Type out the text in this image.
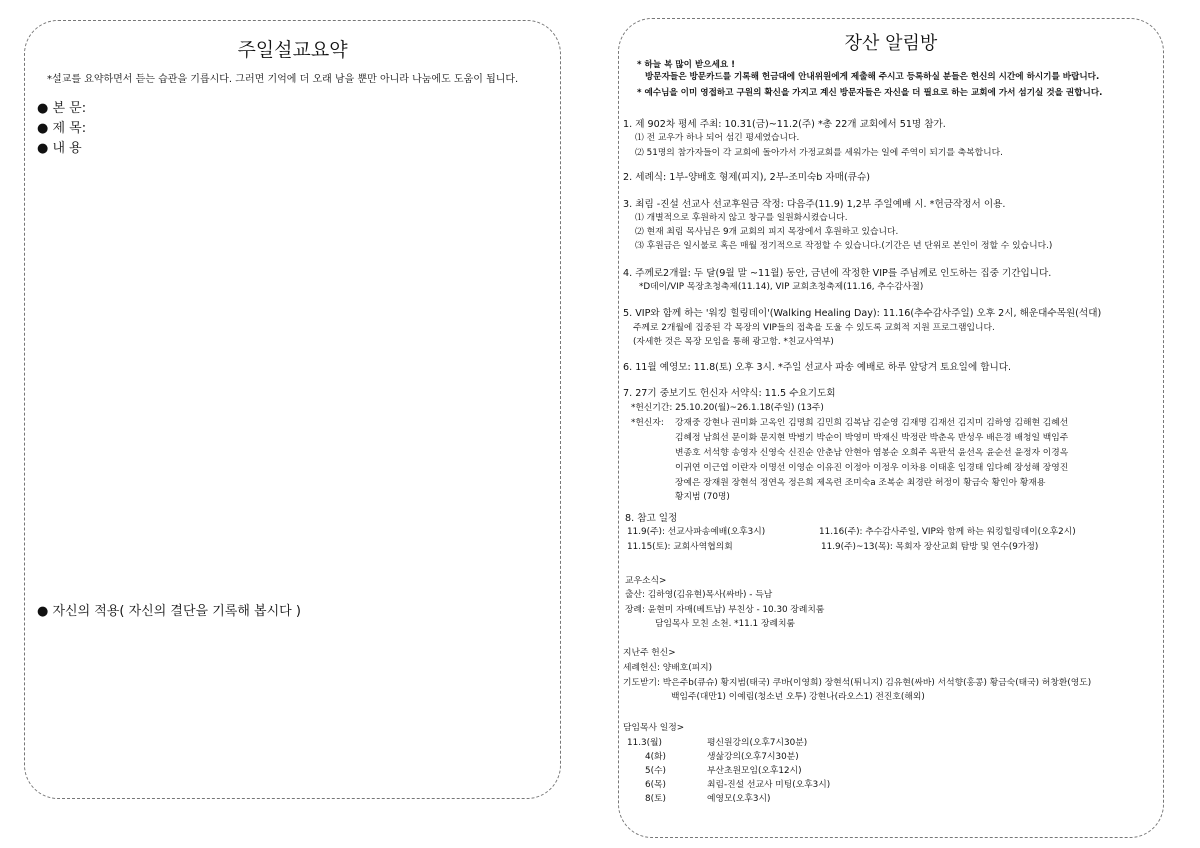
주일설교요약
*설교를 요약하면서 듣는 습관을 기릅시다. 그러면 기억에 더 오래 남을 뿐만 아니라 나눔에도 도움이 됩니다.
● 본 문:
● 제 목:
● 내 용
● 자신의 적용( 자신의 결단을 기록해 봅시다 )
장산 알림방
* 하늘 복 많이 받으세요 !
방문자들은 방문카드를 기록해 헌금대에 안내위원에게 제출해 주시고 등록하실 분들은 헌신의 시간에 하시기를 바랍니다.
* 예수님을 이미 영접하고 구원의 확신을 가지고 계신 방문자들은 자신을 더 필요로 하는 교회에 가서 섬기실 것을 권합니다.
1. 제 902차 평세 주최: 10.31(금)~11.2(주) *총 22개 교회에서 51명 참가.
⑴ 전 교우가 하나 되어 섬긴 평세였습니다.
⑵ 51명의 참가자들이 각 교회에 돌아가서 가정교회를 세워가는 일에 주역이 되기를 축복합니다.
2. 세례식: 1부-양배호 형제(피지), 2부-조미숙b 자매(큐슈)
3. 최림 -진설 선교사 선교후원금 작정: 다음주(11.9) 1,2부 주일예배 시. *헌금작정서 이용.
⑴ 개별적으로 후원하지 않고 창구를 일원화시켰습니다.
⑵ 현재 최림 목사님은 9개 교회의 피지 목장에서 후원하고 있습니다.
⑶ 후원금은 일시불로 혹은 매월 정기적으로 작정할 수 있습니다.(기간은 년 단위로 본인이 정할 수 있습니다.)
4. 주께로2개월: 두 달(9월 말 ~11월) 동안, 금년에 작정한 VIP를 주님께로 인도하는 집중 기간입니다.
*D데이/VIP 목장초청축제(11.14), VIP 교회초청축제(11.16, 추수감사절)
5. VIP와 함께 하는 '워킹 힐링데이'(Walking Healing Day): 11.16(추수감사주일) 오후 2시, 해운대수목원(석대)
주께로 2개월에 집중된 각 목장의 VIP들의 접촉을 도울 수 있도록 교회적 지원 프로그램입니다.
(자세한 것은 목장 모임을 통해 광고함. *친교사역부)
6. 11월 예영모: 11.8(토) 오후 3시. *주일 선교사 파송 예배로 하루 앞당겨 토요일에 합니다.
7. 27기 중보기도 헌신자 서약식: 11.5 수요기도회
*헌신기간: 25.10.20(월)~26.1.18(주일) (13주)
*헌신자: 강재중 강현나 권미화 고옥인 김명희 김민희 김복남 김순영 김재명 김재선 김지미 김하영 김해현 김혜선
김혜정 남희선 문이화 문지현 박병기 박순이 박영미 박재신 박정란 박춘옥 반성우 배은경 배청일 백임주
변종호 서석향 송영자 신영숙 신진순 안춘남 안현아 염봉순 오희주 옥판석 윤선옥 윤순선 윤정자 이경옥
이귀연 이근엽 이란자 이명선 이영순 이유진 이정아 이정우 이차용 이태훈 임경태 임다혜 장성해 장영진
장예은 장재원 장현석 정연옥 정은희 제옥련 조미숙a 조복순 최경란 허정이 황금숙 황인아 황재용
황지범 (70명)
8. 참고 일정
11.9(주): 선교사파송예배(오후3시)	11.16(주): 추수감사주일, VIP와 함께 하는 워킹힐링데이(오후2시)
11.15(토): 교회사역협의회	11.9(주)~13(목): 목회자 장산교회 탐방 및 연수(9가정)
교우소식>
출산: 김하영(김유현)목사(싸바) - 득남
장례: 윤현미 자매(베트남) 부친상 - 10.30 장례치룸
담임목사 모친 소천. *11.1 장례치룸
지난주 헌신>
세례헌신: 양배호(피지)
기도받기: 박은주b(큐슈) 황지범(태국) 쿠바(이영희) 장현석(튀니지) 김유현(싸바) 서석향(홍콩) 황금숙(태국) 허창환(영도)
백임주(대만1) 이예림(청소년 오투) 강현나(라오스1) 전진호(해외)
담임목사 일정>
11.3(월)	평신원강의(오후7시30분)
4(화)	생삶강의(오후7시30분)
5(수)	부산초원모임(오후12시)
6(목)	최림-진설 선교사 미팅(오후3시)
8(토)	예영모(오후3시)
